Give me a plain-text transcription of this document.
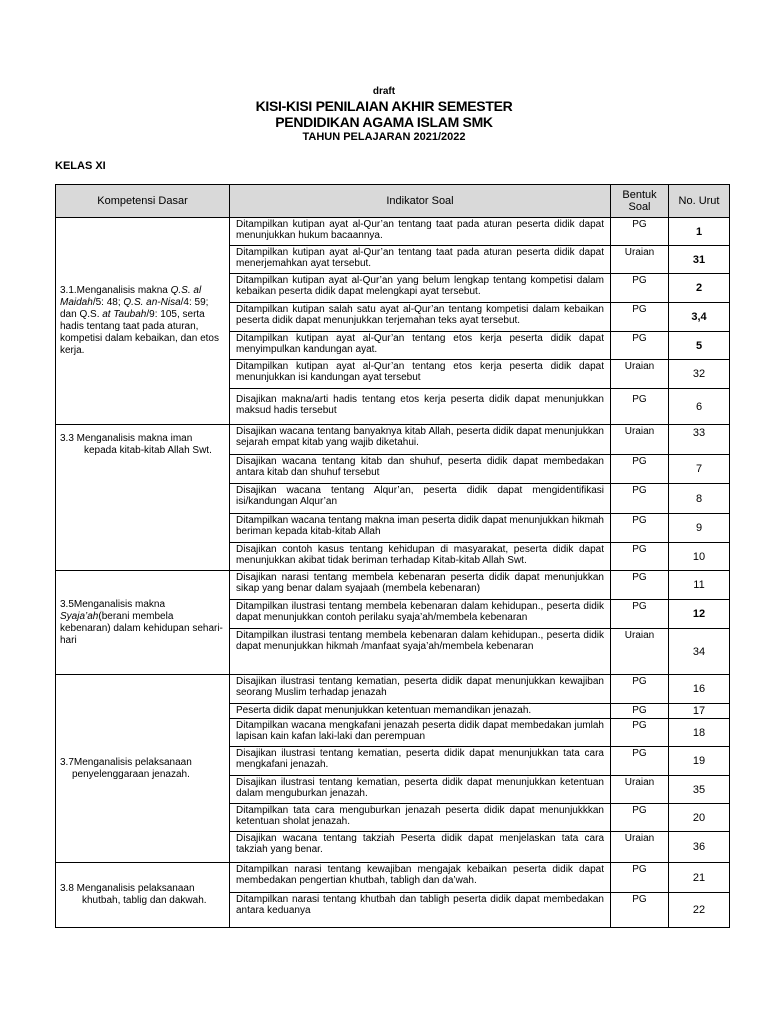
draft
KISI-KISI PENILAIAN AKHIR SEMESTER
PENDIDIKAN AGAMA ISLAM SMK
TAHUN PELAJARAN 2021/2022
KELAS XI
Kompetensi Dasar	Indikator Soal	Bentuk Soal	No. Urut
3.1.Menganalisis makna Q.S. al Maidah/5: 48; Q.S. an-Nisa/4: 59; dan Q.S. at Taubah/9: 105, serta hadis tentang taat pada aturan, kompetisi dalam kebaikan, dan etos kerja.	Ditampilkan kutipan ayat al-Qur’an tentang taat pada aturan peserta didik dapat menunjukkan hukum bacaannya.	PG	1
	Ditampilkan kutipan ayat al-Qur’an tentang taat pada aturan peserta didik dapat menerjemahkan ayat tersebut.	Uraian	31
	Ditampilkan kutipan ayat al-Qur’an yang belum lengkap tentang kompetisi dalam kebaikan peserta didik dapat melengkapi ayat tersebut.	PG	2
	Ditampilkan kutipan salah satu ayat al-Qur’an tentang kompetisi dalam kebaikan peserta didik dapat menunjukkan terjemahan teks ayat tersebut.	PG	3,4
	Ditampilkan kutipan ayat al-Qur’an tentang etos kerja peserta didik dapat menyimpulkan kandungan ayat.	PG	5
	Ditampilkan kutipan ayat al-Qur’an tentang etos kerja peserta didik dapat menunjukkan isi kandungan ayat tersebut	Uraian	32
	Disajikan makna/arti hadis tentang etos kerja peserta didik dapat menunjukkan maksud hadis tersebut	PG	6
3.3 Menganalisis makna iman
kepada kitab-kitab Allah Swt.	Disajikan wacana tentang banyaknya kitab Allah, peserta didik dapat menunjukkan sejarah empat kitab yang wajib diketahui.	Uraian	33
	Disajikan wacana tentang kitab dan shuhuf, peserta didik dapat membedakan antara kitab dan shuhuf tersebut	PG	7
	Disajikan wacana tentang Alqur’an, peserta didik dapat mengidentifikasi isi/kandungan Alqur’an	PG	8
	Ditampilkan wacana tentang makna iman peserta didik dapat menunjukkan hikmah beriman kepada kitab-kitab Allah	PG	9
	Disajikan contoh kasus tentang kehidupan di masyarakat, peserta didik dapat menunjukkan akibat tidak beriman terhadap Kitab-kitab Allah Swt.	PG	10
3.5Menganalisis makna Syaja’ah(berani membela kebenaran) dalam kehidupan sehari-hari	Disajikan narasi tentang membela kebenaran peserta didik dapat menunjukkan sikap yang benar dalam syajaah (membela kebenaran)	PG	11
	Ditampilkan ilustrasi tentang membela kebenaran dalam kehidupan., peserta didik dapat menunjukkan contoh perilaku syaja’ah/membela kebenaran	PG	12
	Ditampilkan ilustrasi tentang membela kebenaran dalam kehidupan., peserta didik dapat menunjukkan hikmah /manfaat syaja’ah/membela kebenaran	Uraian	34
3.7Menganalisis pelaksanaan
penyelenggaraan jenazah.	Disajikan ilustrasi tentang kematian, peserta didik dapat menunjukkan kewajiban seorang Muslim terhadap jenazah	PG	16
	Peserta didik dapat menunjukkan ketentuan memandikan jenazah.	PG	17
	Ditampilkan wacana mengkafani jenazah peserta didik dapat membedakan jumlah lapisan kain kafan laki-laki dan perempuan	PG	18
	Disajikan ilustrasi tentang kematian, peserta didik dapat menunjukkan tata cara mengkafani jenazah.	PG	19
	Disajikan ilustrasi tentang kematian, peserta didik dapat menunjukkan ketentuan dalam menguburkan jenazah.	Uraian	35
	Ditampilkan tata cara menguburkan jenazah peserta didik dapat menunjukkkan ketentuan sholat jenazah.	PG	20
	Disajikan wacana tentang takziah Peserta didik dapat menjelaskan tata cara takziah yang benar.	Uraian	36
3.8 Menganalisis pelaksanaan
khutbah, tablig dan dakwah.	Ditampilkan narasi tentang kewajiban mengajak kebaikan peserta didik dapat membedakan pengertian khutbah, tabligh dan da’wah.	PG	21
	Ditampilkan narasi tentang khutbah dan tabligh peserta didik dapat membedakan antara keduanya	PG	22
